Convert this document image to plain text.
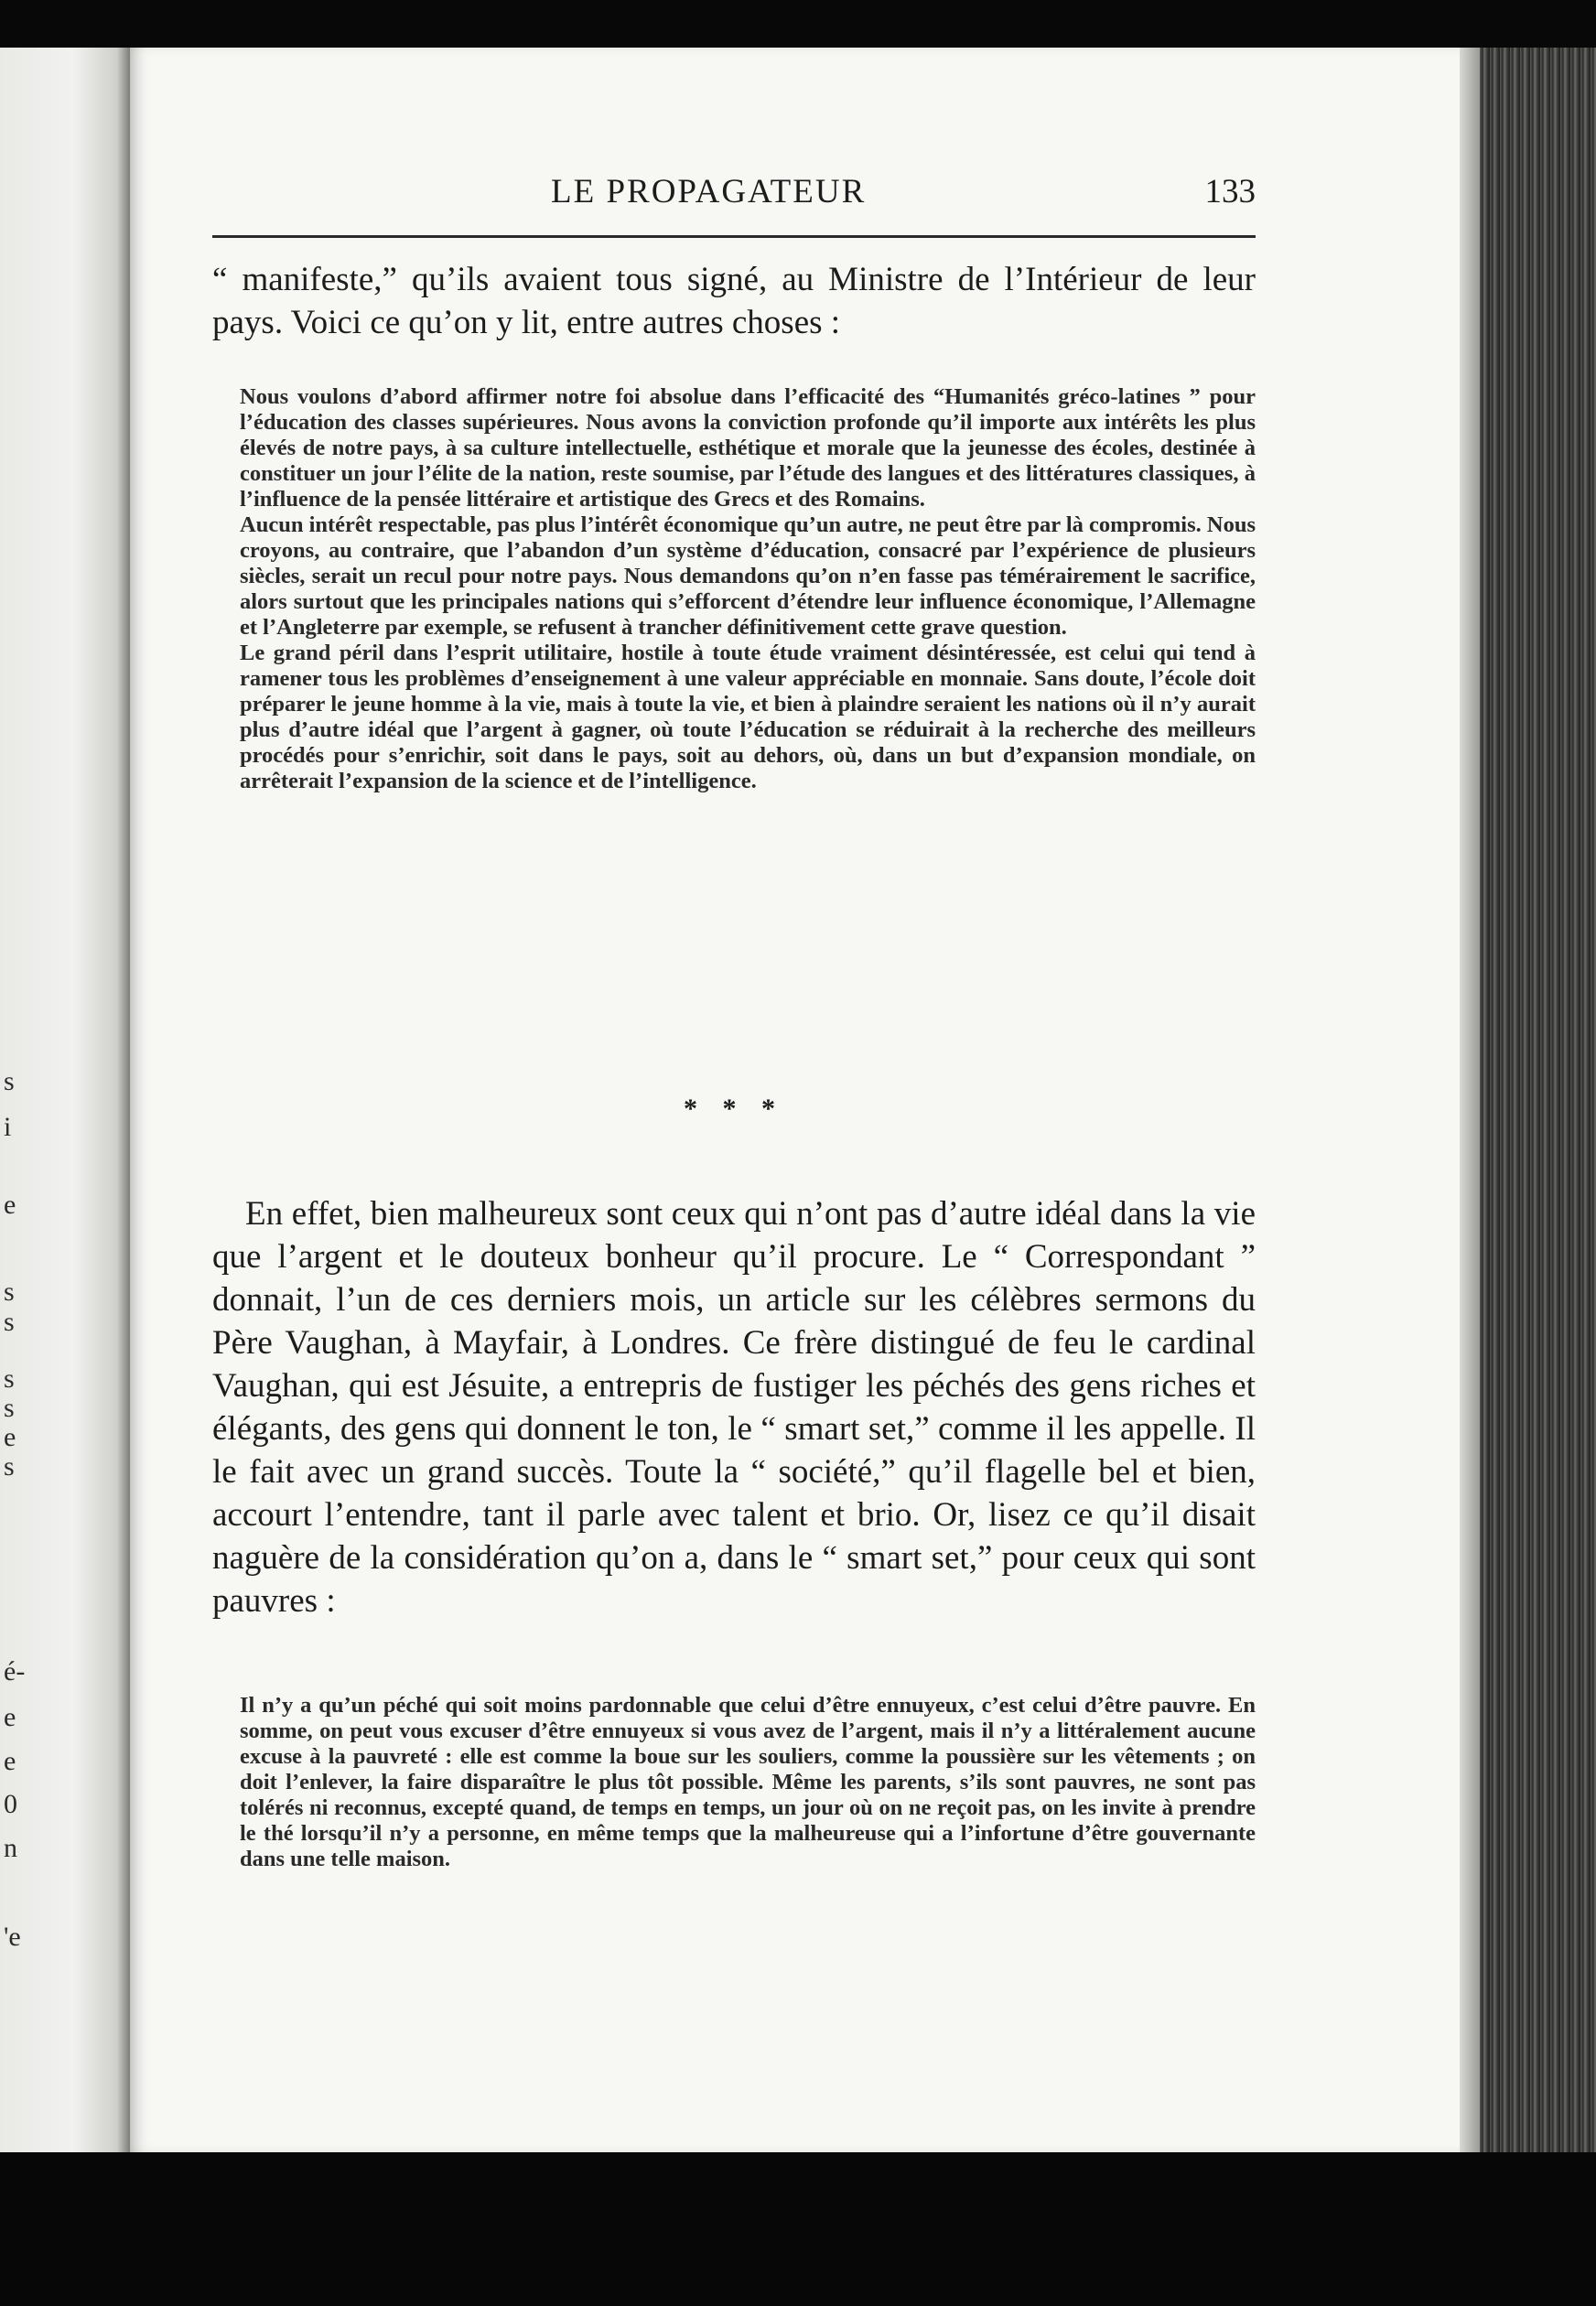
s
i
e
s
s
s
s
e
s
é-
e
e
0
n
'e
LE PROPAGATEUR	133

“ manifeste,” qu’ils avaient tous signé, au Ministre de l’Intérieur de leur pays. Voici ce qu’on y lit, entre autres choses :

Nous voulons d’abord affirmer notre foi absolue dans l’efficacité des “Humanités gréco-latines ” pour l’éducation des classes supérieures. Nous avons la conviction profonde qu’il importe aux intérêts les plus élevés de notre pays, à sa culture intellectuelle, esthétique et morale que la jeunesse des écoles, destinée à constituer un jour l’élite de la nation, reste soumise, par l’étude des langues et des littératures classiques, à l’influence de la pensée littéraire et artistique des Grecs et des Romains.

Aucun intérêt respectable, pas plus l’intérêt économique qu’un autre, ne peut être par là compromis. Nous croyons, au contraire, que l’abandon d’un système d’éducation, consacré par l’expérience de plusieurs siècles, serait un recul pour notre pays. Nous demandons qu’on n’en fasse pas témérairement le sacrifice, alors surtout que les principales nations qui s’efforcent d’étendre leur influence économique, l’Allemagne et l’Angleterre par exemple, se refusent à trancher définitivement cette grave question.

Le grand péril dans l’esprit utilitaire, hostile à toute étude vraiment désintéressée, est celui qui tend à ramener tous les problèmes d’enseignement à une valeur appréciable en monnaie. Sans doute, l’école doit préparer le jeune homme à la vie, mais à toute la vie, et bien à plaindre seraient les nations où il n’y aurait plus d’autre idéal que l’argent à gagner, où toute l’éducation se réduirait à la recherche des meilleurs procédés pour s’enrichir, soit dans le pays, soit au dehors, où, dans un but d’expansion mondiale, on arrêterait l’expansion de la science et de l’intelligence.

* * *

En effet, bien malheureux sont ceux qui n’ont pas d’autre idéal dans la vie que l’argent et le douteux bonheur qu’il procure. Le “ Correspondant ” donnait, l’un de ces derniers mois, un article sur les célèbres sermons du Père Vaughan, à Mayfair, à Londres. Ce frère distingué de feu le cardinal Vaughan, qui est Jésuite, a entrepris de fustiger les péchés des gens riches et élégants, des gens qui donnent le ton, le “ smart set,” comme il les appelle. Il le fait avec un grand succès. Toute la “ société,” qu’il flagelle bel et bien, accourt l’entendre, tant il parle avec talent et brio. Or, lisez ce qu’il disait naguère de la considération qu’on a, dans le “ smart set,” pour ceux qui sont pauvres :

Il n’y a qu’un péché qui soit moins pardonnable que celui d’être ennuyeux, c’est celui d’être pauvre. En somme, on peut vous excuser d’être ennuyeux si vous avez de l’argent, mais il n’y a littéralement aucune excuse à la pauvreté : elle est comme la boue sur les souliers, comme la poussière sur les vêtements ; on doit l’enlever, la faire disparaître le plus tôt possible. Même les parents, s’ils sont pauvres, ne sont pas tolérés ni reconnus, excepté quand, de temps en temps, un jour où on ne reçoit pas, on les invite à prendre le thé lorsqu’il n’y a personne, en même temps que la malheureuse qui a l’infortune d’être gouvernante dans une telle maison.
